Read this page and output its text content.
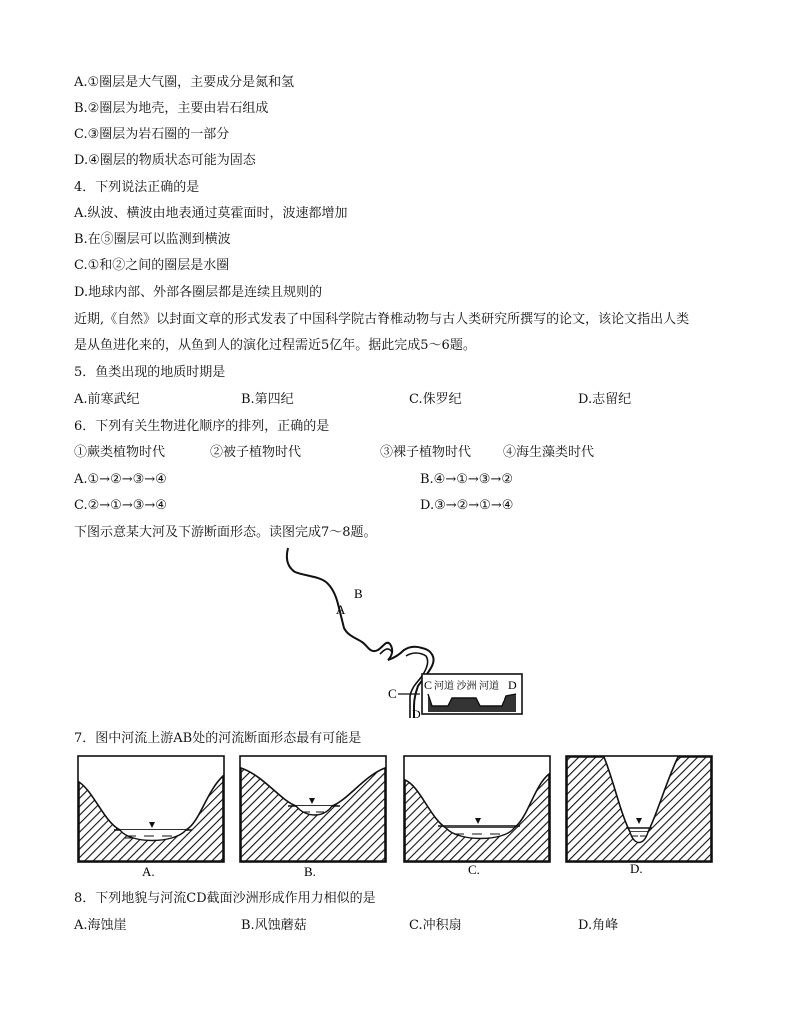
A.①圈层是大气圈，主要成分是氮和氢
B.②圈层为地壳，主要由岩石组成
C.③圈层为岩石圈的一部分
D.④圈层的物质状态可能为固态
4．下列说法正确的是
A.纵波、横波由地表通过莫霍面时，波速都增加
B.在⑤圈层可以监测到横波
C.①和②之间的圈层是水圈
D.地球内部、外部各圈层都是连续且规则的
近期,《自然》以封面文章的形式发表了中国科学院古脊椎动物与古人类研究所撰写的论文，该论文指出人类
是从鱼进化来的，从鱼到人的演化过程需近5亿年。据此完成5～6题。
5．鱼类出现的地质时期是
A.前寒武纪	B.第四纪	C.侏罗纪	D.志留纪
6．下列有关生物进化顺序的排列，正确的是
①蕨类植物时代	②被子植物时代	③裸子植物时代 ④海生藻类时代
A.①→②→③→④	B.④→①→③→②
C.②→①→③→④	D.③→②→①→④
下图示意某大河及下游断面形态。读图完成7～8题。
B
A
C
D
C 河道 沙洲 河道 D
7．图中河流上游AB处的河流断面形态最有可能是
A.	B.	C.	D.
8．下列地貌与河流CD截面沙洲形成作用力相似的是
A.海蚀崖	B.风蚀蘑菇	C.冲积扇	D.角峰
